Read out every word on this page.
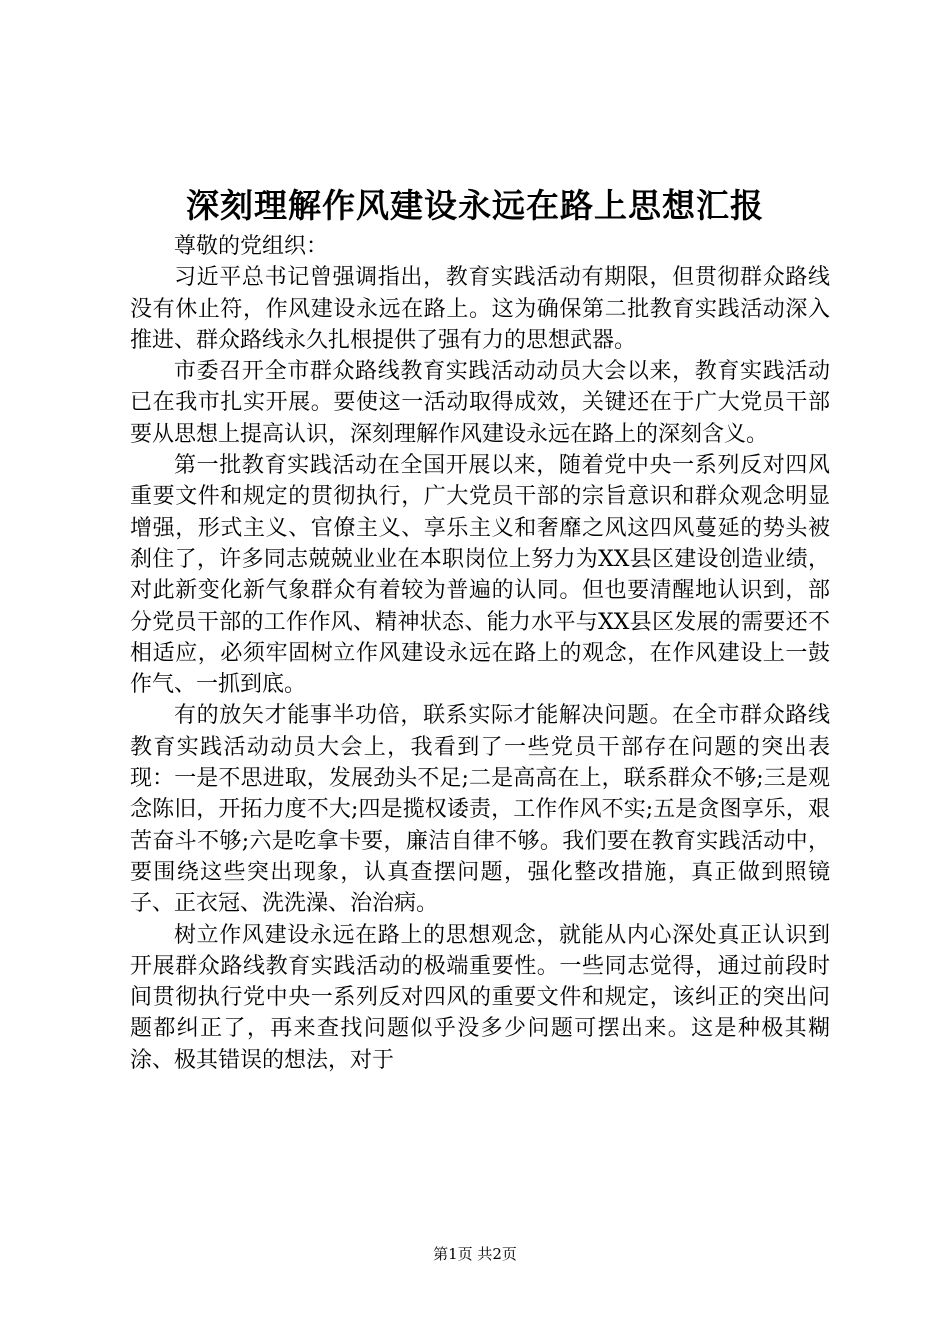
深刻理解作风建设永远在路上思想汇报

尊敬的党组织：

习近平总书记曾强调指出，教育实践活动有期限，但贯彻群众路线没有休止符，作风建设永远在路上。这为确保第二批教育实践活动深入推进、群众路线永久扎根提供了强有力的思想武器。

市委召开全市群众路线教育实践活动动员大会以来，教育实践活动已在我市扎实开展。要使这一活动取得成效，关键还在于广大党员干部要从思想上提高认识，深刻理解作风建设永远在路上的深刻含义。

第一批教育实践活动在全国开展以来，随着党中央一系列反对四风重要文件和规定的贯彻执行，广大党员干部的宗旨意识和群众观念明显增强，形式主义、官僚主义、享乐主义和奢靡之风这四风蔓延的势头被刹住了，许多同志兢兢业业在本职岗位上努力为XX县区建设创造业绩，对此新变化新气象群众有着较为普遍的认同。但也要清醒地认识到，部分党员干部的工作作风、精神状态、能力水平与XX县区发展的需要还不相适应，必须牢固树立作风建设永远在路上的观念，在作风建设上一鼓作气、一抓到底。

有的放矢才能事半功倍，联系实际才能解决问题。在全市群众路线教育实践活动动员大会上，我看到了一些党员干部存在问题的突出表现：一是不思进取，发展劲头不足;二是高高在上，联系群众不够;三是观念陈旧，开拓力度不大;四是揽权诿责，工作作风不实;五是贪图享乐，艰苦奋斗不够;六是吃拿卡要，廉洁自律不够。我们要在教育实践活动中，要围绕这些突出现象，认真查摆问题，强化整改措施，真正做到照镜子、正衣冠、洗洗澡、治治病。

树立作风建设永远在路上的思想观念，就能从内心深处真正认识到开展群众路线教育实践活动的极端重要性。一些同志觉得，通过前段时间贯彻执行党中央一系列反对四风的重要文件和规定，该纠正的突出问题都纠正了，再来查找问题似乎没多少问题可摆出来。这是种极其糊涂、极其错误的想法，对于

第1页 共2页
